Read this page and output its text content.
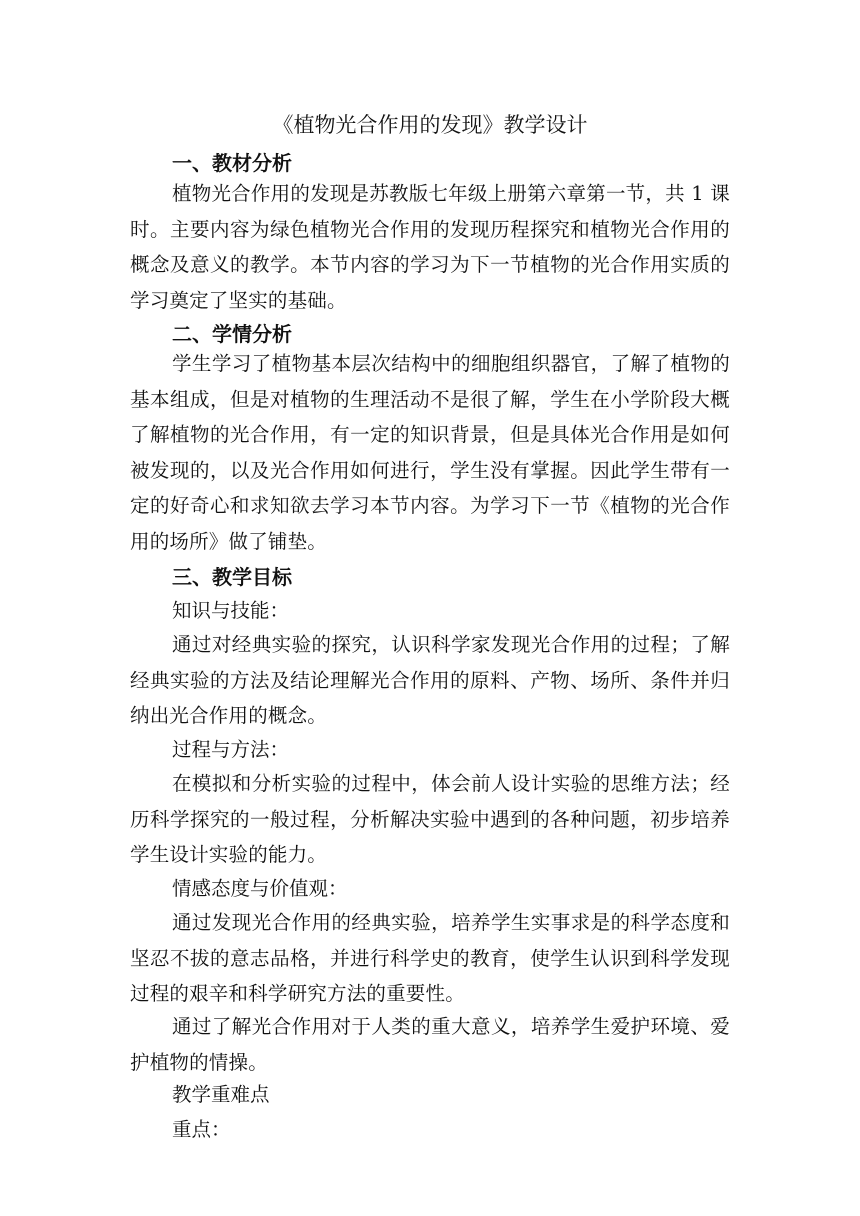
《植物光合作用的发现》教学设计
一、教材分析

植物光合作用的发现是苏教版七年级上册第六章第一节，共 1 课时。主要内容为绿色植物光合作用的发现历程探究和植物光合作用的概念及意义的教学。本节内容的学习为下一节植物的光合作用实质的学习奠定了坚实的基础。

二、学情分析

学生学习了植物基本层次结构中的细胞组织器官，了解了植物的基本组成，但是对植物的生理活动不是很了解，学生在小学阶段大概了解植物的光合作用，有一定的知识背景，但是具体光合作用是如何被发现的，以及光合作用如何进行，学生没有掌握。因此学生带有一定的好奇心和求知欲去学习本节内容。为学习下一节《植物的光合作用的场所》做了铺垫。

三、教学目标

知识与技能：

通过对经典实验的探究，认识科学家发现光合作用的过程；了解经典实验的方法及结论理解光合作用的原料、产物、场所、条件并归纳出光合作用的概念。

过程与方法：

在模拟和分析实验的过程中，体会前人设计实验的思维方法；经历科学探究的一般过程，分析解决实验中遇到的各种问题，初步培养学生设计实验的能力。

情感态度与价值观：

通过发现光合作用的经典实验，培养学生实事求是的科学态度和坚忍不拔的意志品格，并进行科学史的教育，使学生认识到科学发现过程的艰辛和科学研究方法的重要性。

通过了解光合作用对于人类的重大意义，培养学生爱护环境、爱护植物的情操。

教学重难点

重点：
